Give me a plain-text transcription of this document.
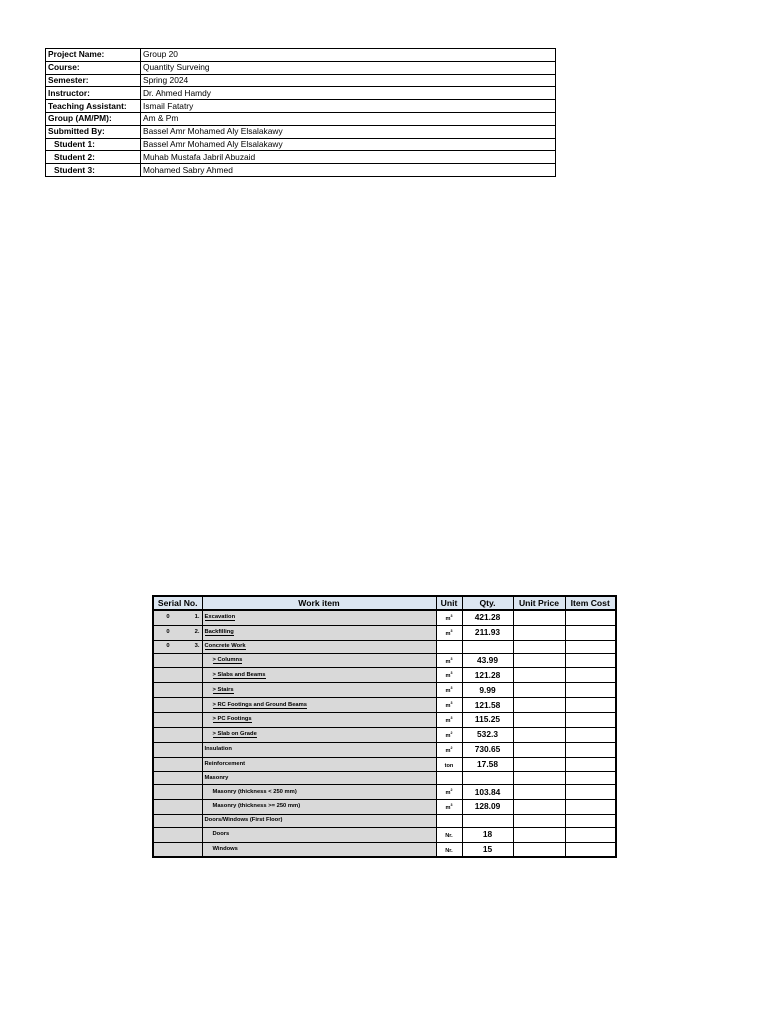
Project Name:	Group 20
Course:	Quantity Surveing
Semester:	Spring 2024
Instructor:	Dr. Ahmed Hamdy
Teaching Assistant:	Ismail Fatatry
Group (AM/PM):	Am & Pm
Submitted By:	Bassel Amr Mohamed Aly Elsalakawy
Student 1:	Bassel Amr Mohamed Aly Elsalakawy
Student 2:	Muhab Mustafa Jabril Abuzaid
Student 3:	Mohamed Sabry Ahmed
Serial No.	Work item	Unit	Qty.	Unit Price	Item Cost
0 1.	Excavation	$m^3$	421.28		
0 2.	Backfilling	$m^3$	211.93		
0 3.	Concrete Work				

	> Columns	$m^3$	43.99		

	> Slabs and Beams	$m^3$	121.28		

	> Stairs	$m^3$	9.99		

	> RC Footings and Ground Beams	$m^3$	121.58		

	> PC Footings	$m^3$	115.25		

	> Slab on Grade	$m^2$	532.3		

	Insulation	$m^2$	730.65		

	Reinforcement	ton	17.58		

	Masonry				

	Masonry (thickness < 250 mm)	$m^2$	103.84		

	Masonry (thickness >= 250 mm)	$m^3$	128.09		

	Doors/Windows (First Floor)				

	Doors	Nr.	18		

	Windows	Nr.	15		
